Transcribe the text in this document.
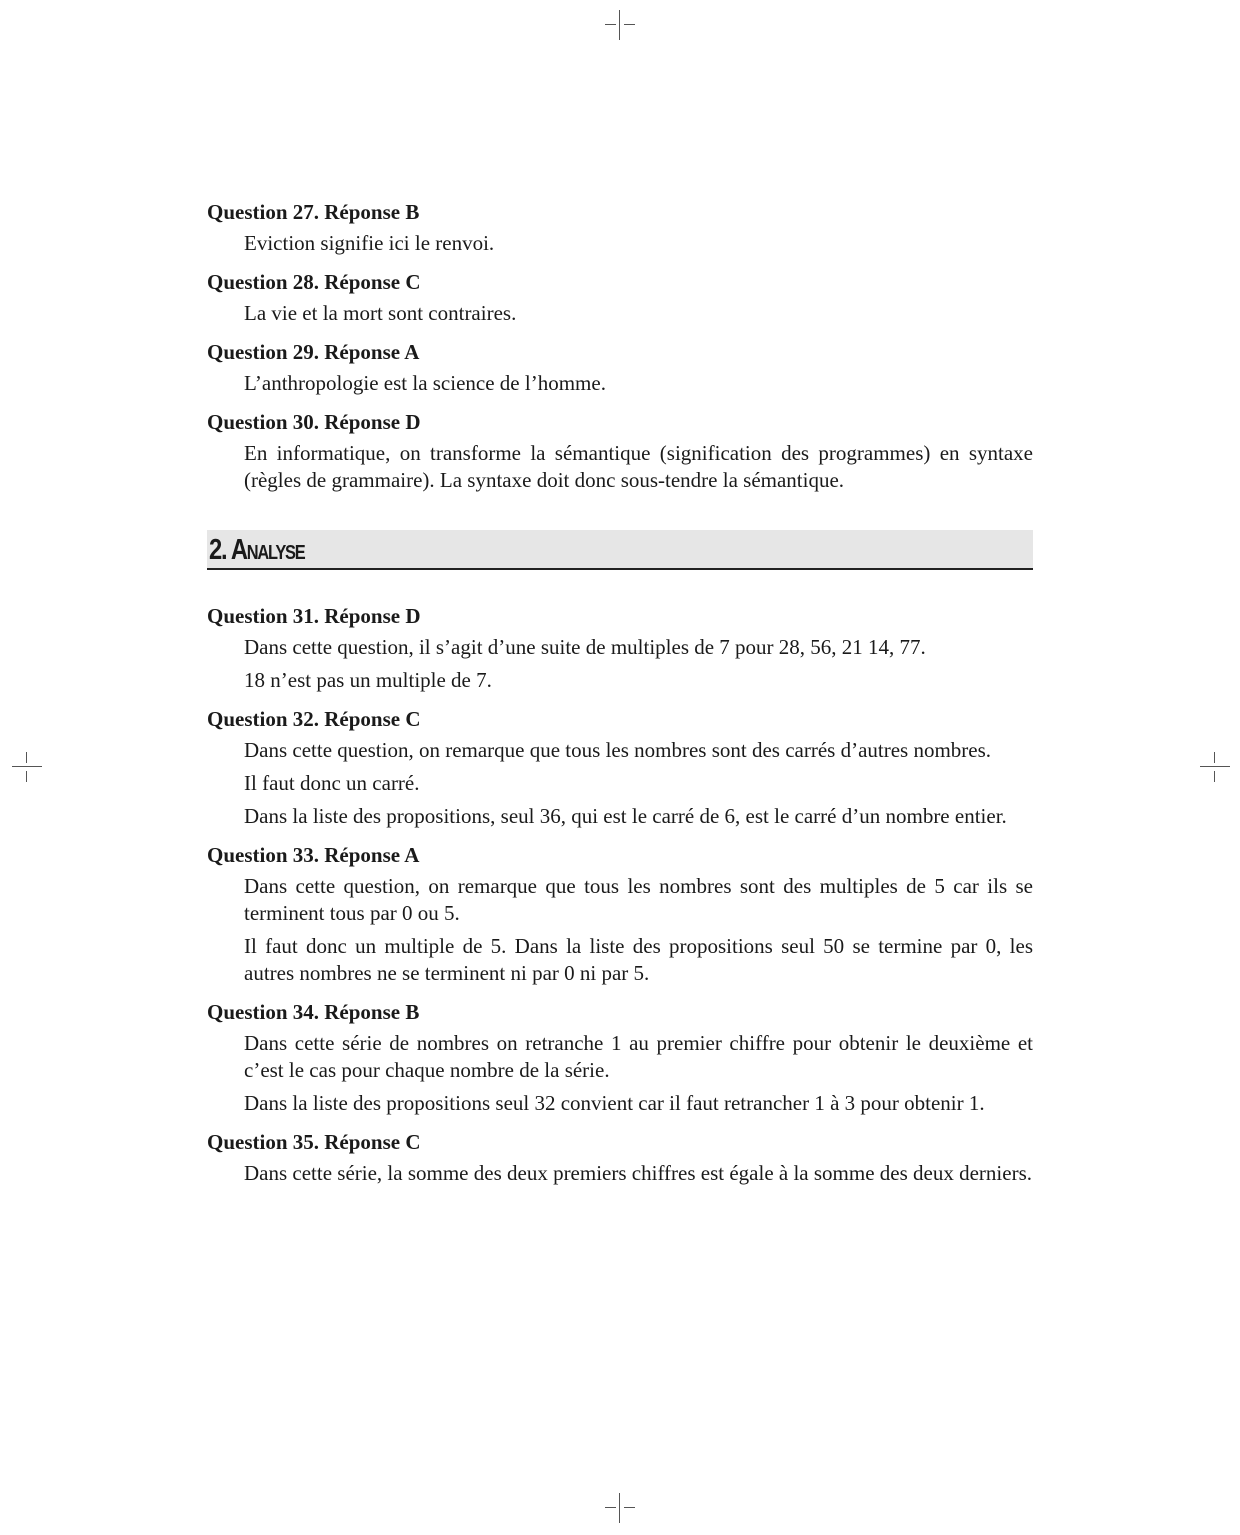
Question 27. Réponse B

Eviction signifie ici le renvoi.

Question 28. Réponse C

La vie et la mort sont contraires.

Question 29. Réponse A

L’anthropologie est la science de l’homme.

Question 30. Réponse D

En informatique, on transforme la sémantique (signification des programmes) en syntaxe (règles de grammaire). La syntaxe doit donc sous-tendre la sémantique.

2. Analyse

Question 31. Réponse D

Dans cette question, il s’agit d’une suite de multiples de 7 pour 28, 56, 21 14, 77.

18 n’est pas un multiple de 7.

Question 32. Réponse C

Dans cette question, on remarque que tous les nombres sont des carrés d’autres nombres.

Il faut donc un carré.

Dans la liste des propositions, seul 36, qui est le carré de 6, est le carré d’un nombre entier.

Question 33. Réponse A

Dans cette question, on remarque que tous les nombres sont des multiples de 5 car ils se terminent tous par 0 ou 5.

Il faut donc un multiple de 5. Dans la liste des propositions seul 50 se termine par 0, les autres nombres ne se terminent ni par 0 ni par 5.

Question 34. Réponse B

Dans cette série de nombres on retranche 1 au premier chiffre pour obtenir le deuxième et c’est le cas pour chaque nombre de la série.

Dans la liste des propositions seul 32 convient car il faut retrancher 1 à 3 pour obtenir 1.

Question 35. Réponse C

Dans cette série, la somme des deux premiers chiffres est égale à la somme des deux derniers.
